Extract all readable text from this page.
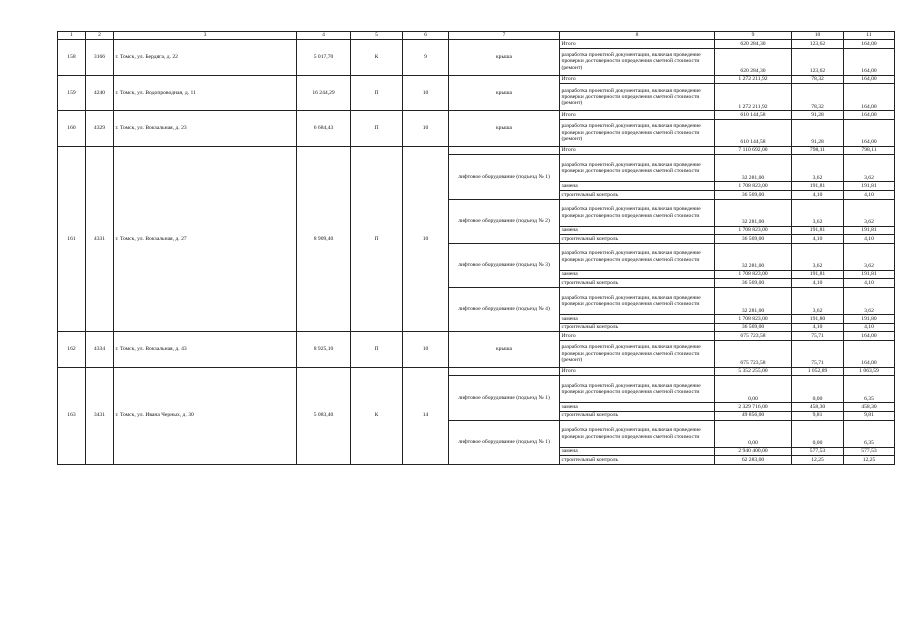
1	2	3	4	5	6	7	8	9	10	11
158	3166	г. Томск, ул. Бердяга, д. 22	5 017,70	К	9	крыша	Итого	620 284,30	123,62	164,00
							разработка проектной документации, включая проведение проверки достоверности определения сметной стоимости (ремонт)	620 284,30	123,62	164,00
159	4240	г. Томск, ул. Водопроводная, д. 11	16 244,29	П	10	крыша	Итого	1 272 211,92	78,32	164,00
							разработка проектной документации, включая проведение проверки достоверности определения сметной стоимости (ремонт)	1 272 211,92	78,32	164,00
160	4329	г. Томск, ул. Вокзальная, д. 23	6 684,43	П	10	крыша	Итого	610 144,58	91,28	164,00
							разработка проектной документации, включая проведение проверки достоверности определения сметной стоимости (ремонт)	610 144,58	91,28	164,00
161	4331	г. Томск, ул. Вокзальная, д. 27	8 909,40	П	10		Итого	7 110 692,00	798,11	798,11
						лифтовое оборудование (подъезд № 1)	разработка проектной документации, включая проведение проверки достоверности определения сметной стоимости	32 281,00	3,62	3,62
							замена	1 708 823,00	191,81	191,81
							строительный контроль	36 569,00	4,10	4,10
						лифтовое оборудование (подъезд № 2)	разработка проектной документации, включая проведение проверки достоверности определения сметной стоимости	32 281,00	3,62	3,62
							замена	1 708 823,00	191,81	191,81
							строительный контроль	36 569,00	4,10	4,10
						лифтовое оборудование (подъезд № 3)	разработка проектной документации, включая проведение проверки достоверности определения сметной стоимости	32 281,00	3,62	3,62
							замена	1 708 823,00	191,81	191,81
							строительный контроль	36 569,00	4,10	4,10
						лифтовое оборудование (подъезд № 4)	разработка проектной документации, включая проведение проверки достоверности определения сметной стоимости	32 281,00	3,62	3,62
							замена	1 708 823,00	191,80	191,80
							строительный контроль	36 569,00	4,10	4,10
162	4334	г. Томск, ул. Вокзальная, д. 43	8 925,10	П	10	крыша	Итого	675 723,58	75,71	164,00
							разработка проектной документации, включая проведение проверки достоверности определения сметной стоимости (ремонт)	675 723,58	75,71	164,00
163	3431	г. Томск, ул. Ивана Черных, д. 30	5 083,40	К	14		Итого	5 352 255,00	1 052,89	1 063,59
						лифтовое оборудование (подъезд № 1)	разработка проектной документации, включая проведение проверки достоверности определения сметной стоимости	0,00	0,00	6,35
							замена	2 329 716,00	458,30	458,30
							строительный контроль	49 856,00	9,81	9,81
						лифтовое оборудование (подъезд № 1)	разработка проектной документации, включая проведение проверки достоверности определения сметной стоимости	0,00	0,00	6,35
							замена	2 940 400,00	577,53	577,53
							строительный контроль	62 283,00	12,25	12,25
